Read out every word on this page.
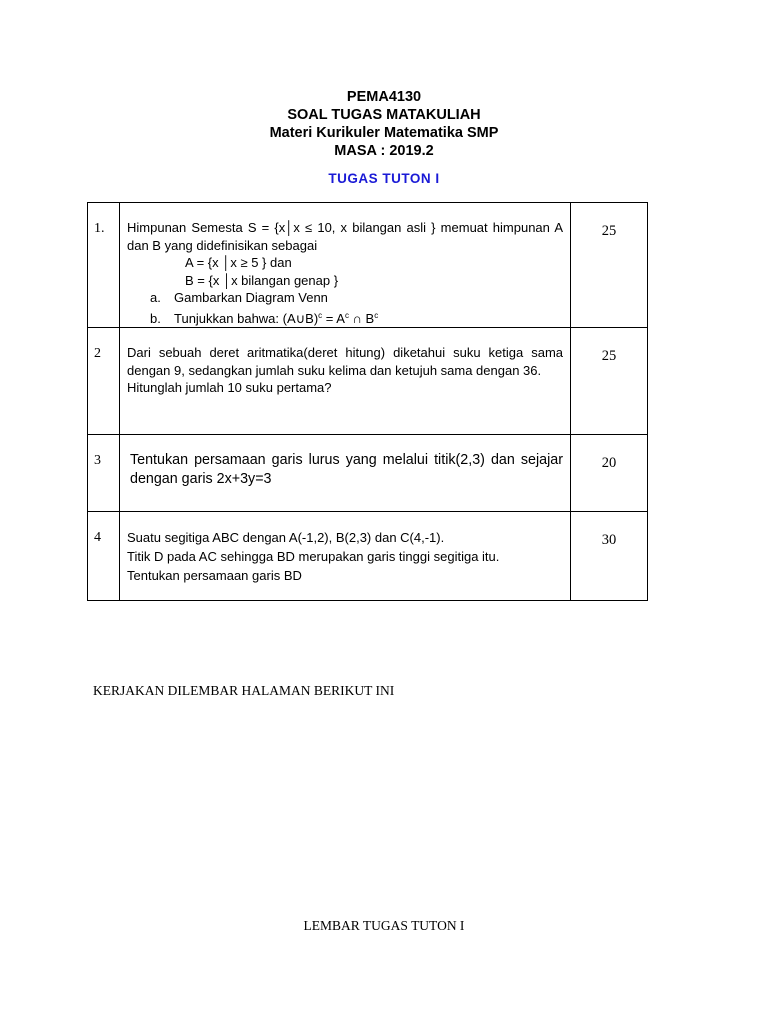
PEMA4130
SOAL TUGAS MATAKULIAH
Materi Kurikuler Matematika SMP
MASA : 2019.2
TUGAS TUTON I
1.	Himpunan Semesta S = {x│x ≤ 10, x bilangan asli } memuat himpunan A dan B yang didefinisikan sebagai
A = {x │x ≥ 5 } dan
B = {x │x bilangan genap }
a. Gambarkan Diagram Venn
b. Tunjukkan bahwa: (A∪B)$^c$ = $A^c$ ∩ $B^c$	25
2	Dari sebuah deret aritmatika(deret hitung) diketahui suku ketiga sama dengan 9, sedangkan jumlah suku kelima dan ketujuh sama dengan 36.
Hitunglah jumlah 10 suku pertama?	25
3	Tentukan persamaan garis lurus yang melalui titik(2,3) dan sejajar dengan garis 2x+3y=3	20
4	Suatu segitiga ABC dengan A(-1,2), B(2,3) dan C(4,-1).
Titik D pada AC sehingga BD merupakan garis tinggi segitiga itu.
Tentukan persamaan garis BD	30
KERJAKAN DILEMBAR HALAMAN BERIKUT INI
LEMBAR TUGAS TUTON I
